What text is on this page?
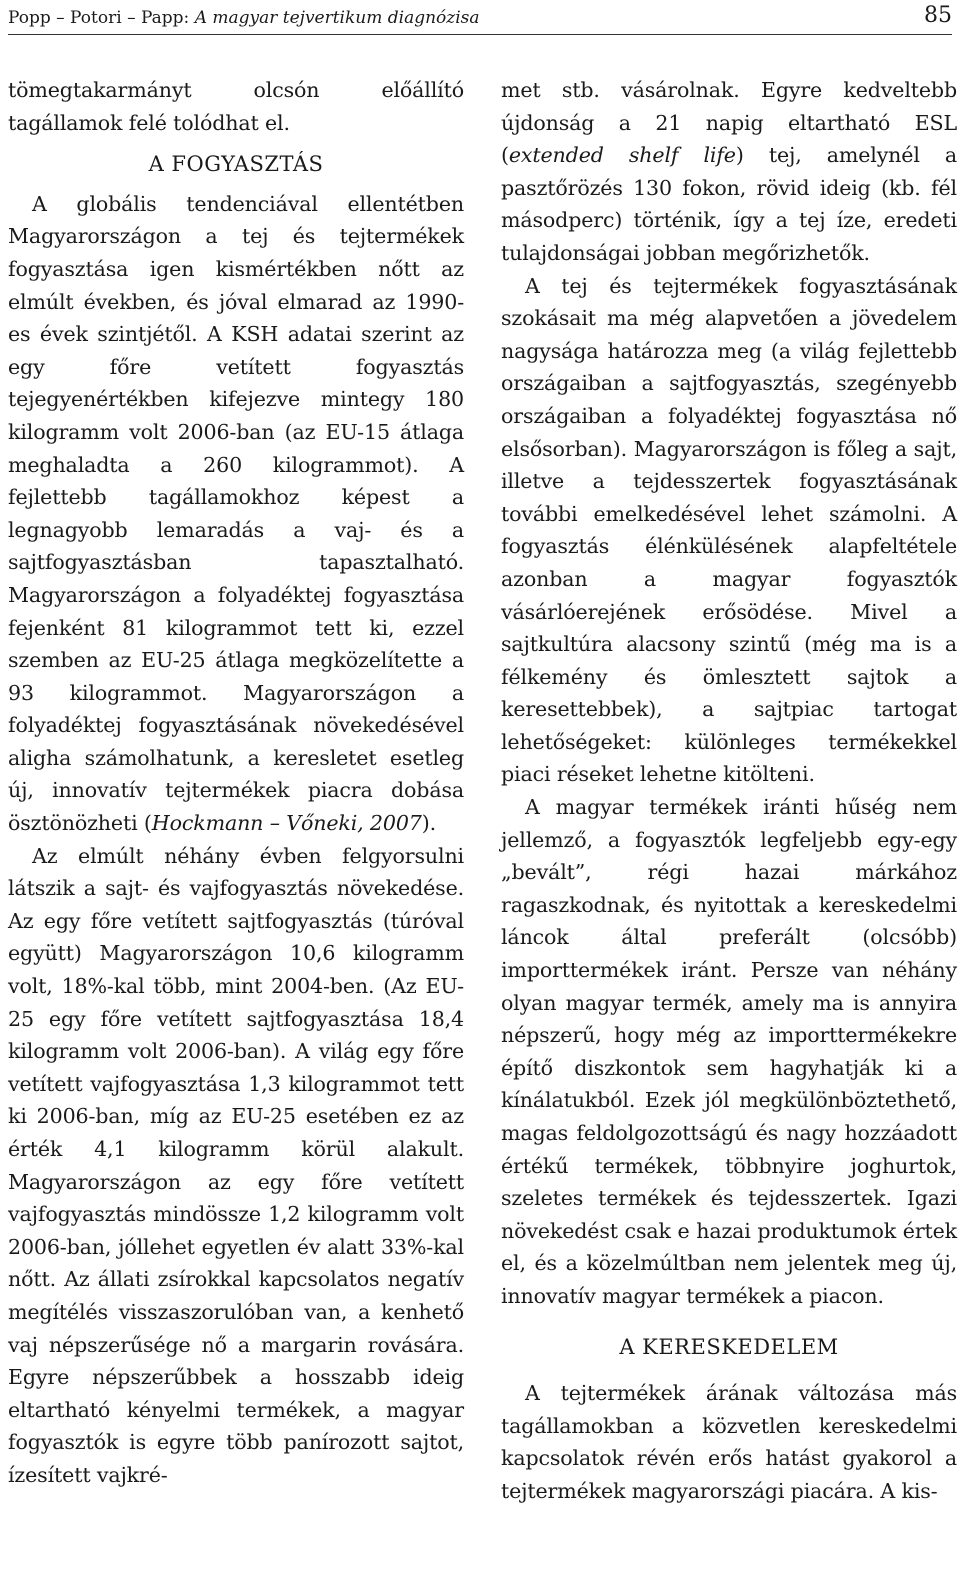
Popp – Potori – Papp: A magyar tejvertikum diagnózisa	85

tömegtakarmányt olcsón előállító tagállamok felé tolódhat el.

A FOGYASZTÁS

A globális tendenciával ellentétben Magyarországon a tej és tejtermékek fogyasztása igen kismértékben nőtt az elmúlt években, és jóval elmarad az 1990-es évek szintjétől. A KSH adatai szerint az egy főre vetített fogyasztás tejegyenértékben kifejezve mintegy 180 kilogramm volt 2006-ban (az EU-15 átlaga meghaladta a 260 kilogrammot). A fejlettebb tagállamokhoz képest a legnagyobb lemaradás a vaj- és a sajtfogyasztásban tapasztalható. Magyarországon a folyadéktej fogyasztása fejenként 81 kilogrammot tett ki, ezzel szemben az EU-25 átlaga megközelítette a 93 kilogrammot. Magyarországon a folyadéktej fogyasztásának növekedésével aligha számolhatunk, a keresletet esetleg új, innovatív tejtermékek piacra dobása ösztönözheti (Hockmann – Vőneki, 2007).

Az elmúlt néhány évben felgyorsulni látszik a sajt- és vajfogyasztás növekedése. Az egy főre vetített sajtfogyasztás (túróval együtt) Magyarországon 10,6 kilogramm volt, 18%-kal több, mint 2004-ben. (Az EU-25 egy főre vetített sajtfogyasztása 18,4 kilogramm volt 2006-ban). A világ egy főre vetített vajfogyasztása 1,3 kilogrammot tett ki 2006-ban, míg az EU-25 esetében ez az érték 4,1 kilogramm körül alakult. Magyarországon az egy főre vetített vajfogyasztás mindössze 1,2 kilogramm volt 2006-ban, jóllehet egyetlen év alatt 33%-kal nőtt. Az állati zsírokkal kapcsolatos negatív megítélés visszaszorulóban van, a kenhető vaj népszerűsége nő a margarin rovására. Egyre népszerűbbek a hosszabb ideig eltartható kényelmi termékek, a magyar fogyasztók is egyre több panírozott sajtot, ízesített vajkré-

met stb. vásárolnak. Egyre kedveltebb újdonság a 21 napig eltartható ESL (extended shelf life) tej, amelynél a pasztőrözés 130 fokon, rövid ideig (kb. fél másodperc) történik, így a tej íze, eredeti tulajdonságai jobban megőrizhetők.

A tej és tejtermékek fogyasztásának szokásait ma még alapvetően a jövedelem nagysága határozza meg (a világ fejlettebb országaiban a sajtfogyasztás, szegényebb országaiban a folyadéktej fogyasztása nő elsősorban). Magyarországon is főleg a sajt, illetve a tejdesszertek fogyasztásának további emelkedésével lehet számolni. A fogyasztás élénkülésének alapfeltétele azonban a magyar fogyasztók vásárlóerejének erősödése. Mivel a sajtkultúra alacsony szintű (még ma is a félkemény és ömlesztett sajtok a keresettebbek), a sajtpiac tartogat lehetőségeket: különleges termékekkel piaci réseket lehetne kitölteni.

A magyar termékek iránti hűség nem jellemző, a fogyasztók legfeljebb egy-egy „bevált”, régi hazai márkához ragaszkodnak, és nyitottak a kereskedelmi láncok által preferált (olcsóbb) importtermékek iránt. Persze van néhány olyan magyar termék, amely ma is annyira népszerű, hogy még az importtermékekre építő diszkontok sem hagyhatják ki a kínálatukból. Ezek jól megkülönböztethető, magas feldolgozottságú és nagy hozzáadott értékű termékek, többnyire joghurtok, szeletes termékek és tejdesszertek. Igazi növekedést csak e hazai produktumok értek el, és a közelmúltban nem jelentek meg új, innovatív magyar termékek a piacon.

A KERESKEDELEM

A tejtermékek árának változása más tagállamokban a közvetlen kereskedelmi kapcsolatok révén erős hatást gyakorol a tejtermékek magyarországi piacára. A kis-
